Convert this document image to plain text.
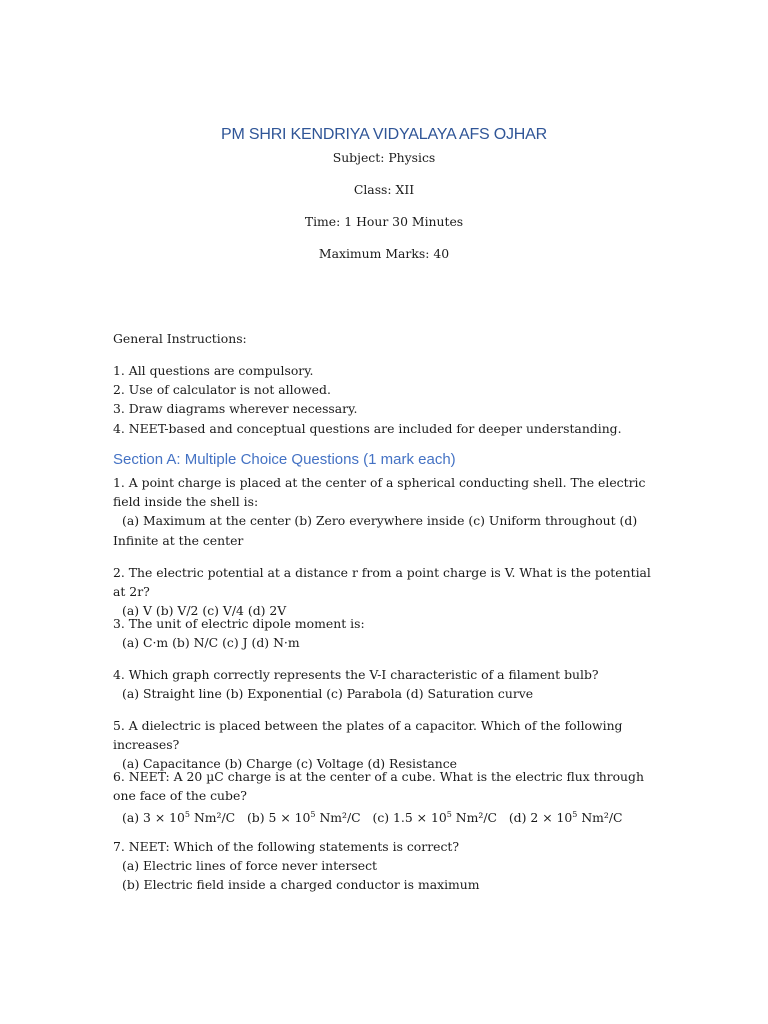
PM SHRI KENDRIYA VIDYALAYA AFS OJHAR
Subject: Physics
Class: XII
Time: 1 Hour 30 Minutes
Maximum Marks: 40
General Instructions:
1. All questions are compulsory.
2. Use of calculator is not allowed.
3. Draw diagrams wherever necessary.
4. NEET-based and conceptual questions are included for deeper understanding.
Section A: Multiple Choice Questions (1 mark each)
1. A point charge is placed at the center of a spherical conducting shell. The electric field inside the shell is:
(a) Maximum at the center (b) Zero everywhere inside (c) Uniform throughout (d) Infinite at the center
2. The electric potential at a distance r from a point charge is V. What is the potential at 2r?
(a) V (b) V/2 (c) V/4 (d) 2V
3. The unit of electric dipole moment is:
(a) C·m (b) N/C (c) J (d) N·m
4. Which graph correctly represents the V-I characteristic of a filament bulb?
(a) Straight line (b) Exponential (c) Parabola (d) Saturation curve
5. A dielectric is placed between the plates of a capacitor. Which of the following increases?
(a) Capacitance (b) Charge (c) Voltage (d) Resistance
6. NEET: A 20 µC charge is at the center of a cube. What is the electric flux through one face of the cube?
(a) $3 \times 10^5$ Nm²/C   (b) $5 \times 10^5$ Nm²/C   (c) $1.5 \times 10^5$ Nm²/C   (d) $2 \times 10^5$ Nm²/C
7. NEET: Which of the following statements is correct?
(a) Electric lines of force never intersect
(b) Electric field inside a charged conductor is maximum
